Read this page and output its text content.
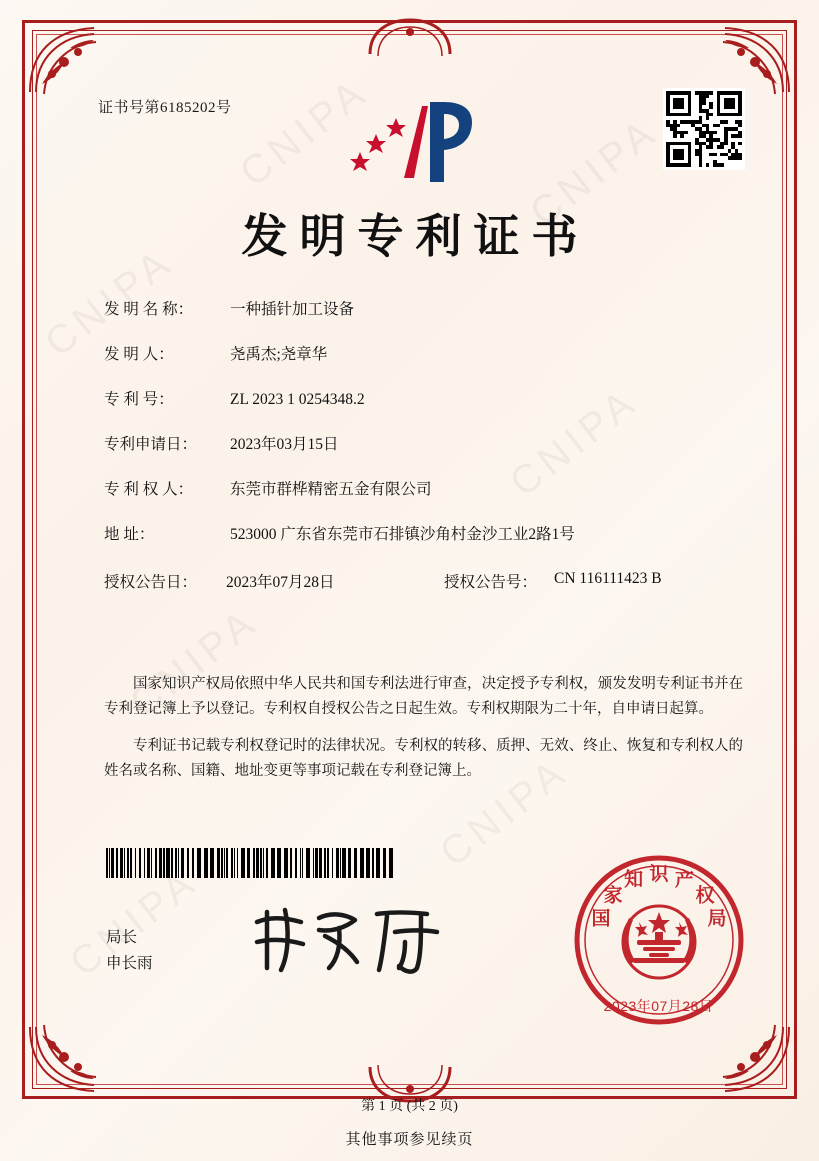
证书号第6185202号
发明专利证书
发 明 名 称：	一种插针加工设备
发 明 人：	尧禹杰;尧章华
专 利 号：	ZL 2023 1 0254348.2
专利申请日：	2023年03月15日
专 利 权 人：	东莞市群桦精密五金有限公司
地 址：	523000 广东省东莞市石排镇沙角村金沙工业2路1号
授权公告日：	2023年07月28日	授权公告号：	CN 116111423 B

国家知识产权局依照中华人民共和国专利法进行审查，决定授予专利权，颁发发明专利证书并在专利登记簿上予以登记。专利权自授权公告之日起生效。专利权期限为二十年，自申请日起算。

专利证书记载专利权登记时的法律状况。专利权的转移、质押、无效、终止、恢复和专利权人的姓名或名称、国籍、地址变更等事项记载在专利登记簿上。

局长
申长雨
国
家
知 识 产
权
局
2023年07月28日
第 1 页 (共 2 页)
其他事项参见续页
